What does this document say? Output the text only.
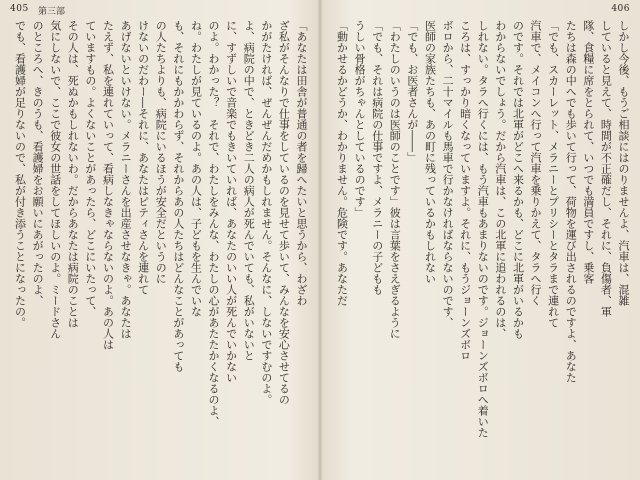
405 第三部
「あなたは田舎が普通の者を歸へたいと思うから、わざわ
ざ私がそんなりで仕事をしているのを見せて歩いて、みんなを安心させてるの
かがたければ、ぜんぜんだめかもしれません。そんなに、しないですむのよ。
よ、病院の中で、ときどき二人の病人が死んでいても、私がいないと
に、すずしいで音楽でもきいていれば、あなたのいい人が死んでいかない
のよ。わかった？　それで、わたしをみんな、わたしの心があたたかくなるのよ、
ね。わたしが見ているのよ。あの人は、子どもを生んでいな
も、それにもかかわらず、それからあの人たちはどんなことがあっても
の人たちよりも、病院にいるほうが安全だというのに
けないのだわー―それに、あなたはピティさんを連れて
あげないといけない。メラニーさんを出産させなきゃ。あなたは
たえず、私を連れていって、看病しなきゃならないのよ。あの人は
ていますもの。よくないことがあったら、どこにいたって、
その人は、死ぬかもしれないわ。だからあなたは病院のことは
気にしないで、ここで彼女の世話をしてほしいのよ。ミードさん
のところへ、きのうも、看護婦をお願いにあがったのよ、
でも、看護婦が足りないので、私が付き添うことになったの。
406
しかし今後、もうご相談にはのりませんよ、汽車は、混雑
していると見えて、時間が不正確だし、それに、負傷者、軍
隊、食糧に席をとられて、いつでも満員ですし、乗客
たちは森の中へでも歩いて行って、荷物を運び出されるのですよ、あなた
「でも、スカーレット、メラニーとプリシーとタラまで連れて
汽車で、メイコンへ行って汽車を乗りかえて、タラへ行く
のです。それでは北軍がどこへ来るかも、どこに北軍がいるかも
わからないでしょう。だから汽車は、この北軍に追われるのは、
しれない。タラへ行くには、もう汽車もあまりないのです。ジョーンズボロへ着いた
ころは、すっかり暗くなっていますよ。それに、もうジョーンズボロ
ボロから、二十マイルも馬車で行かなければならないのです、
医師の家族たちも、あの町に残っているかもしれない
「でも、お医者さんが――」
「わたしのいうのは医師のことです」彼は言葉をさえぎるように
「でも、それは病院の仕事ですよ、メラニーの子どもも
うしい骨格がちゃんとしているのです」
「動かせるかどうか、わかりません。危険です。あなただ
